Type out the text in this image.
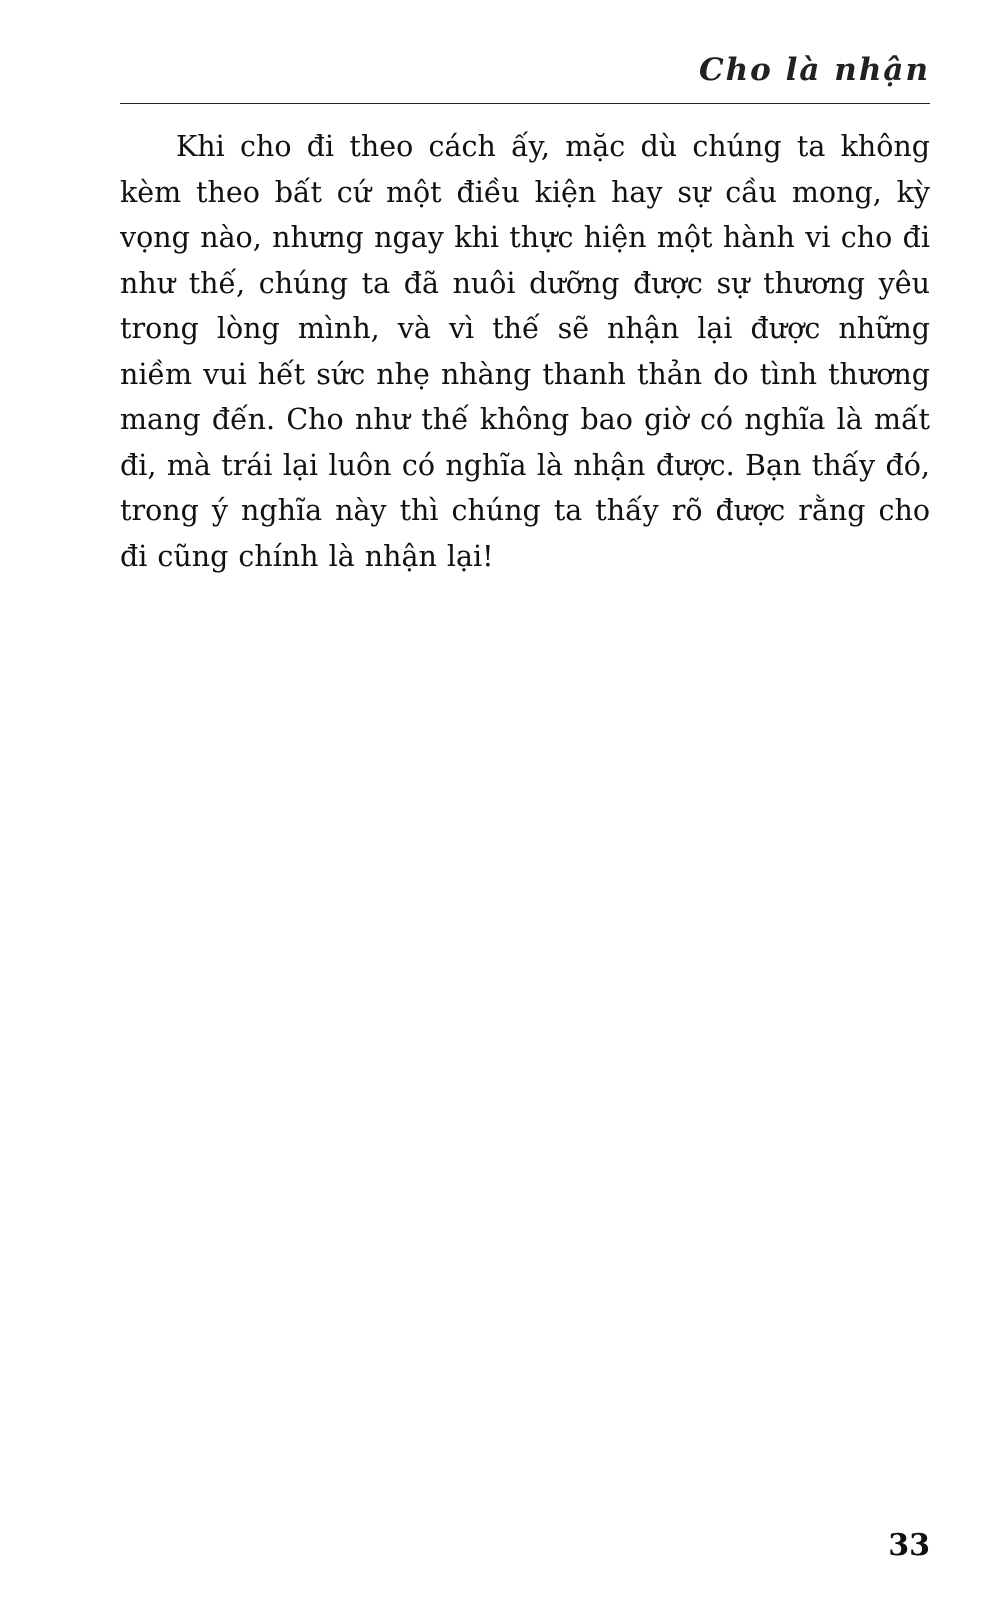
Cho là nhận

Khi cho đi theo cách ấy, mặc dù chúng ta không kèm theo bất cứ một điều kiện hay sự cầu mong, kỳ vọng nào, nhưng ngay khi thực hiện một hành vi cho đi như thế, chúng ta đã nuôi dưỡng được sự thương yêu trong lòng mình, và vì thế sẽ nhận lại được những niềm vui hết sức nhẹ nhàng thanh thản do tình thương mang đến. Cho như thế không bao giờ có nghĩa là mất đi, mà trái lại luôn có nghĩa là nhận được. Bạn thấy đó, trong ý nghĩa này thì chúng ta thấy rõ được rằng cho đi cũng chính là nhận lại!

33
